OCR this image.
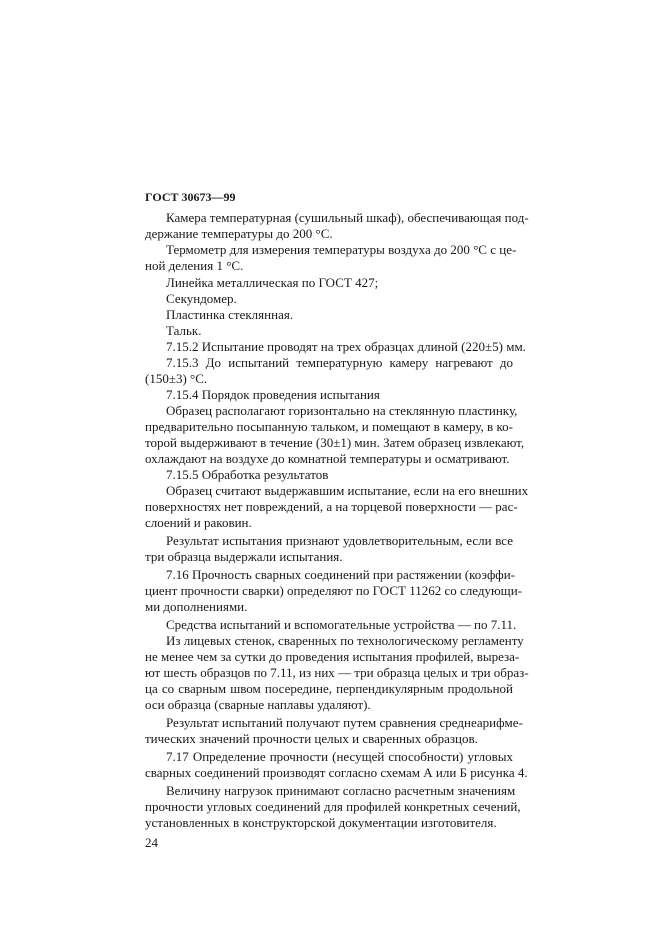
ГОСТ 30673—99
Камера температурная (сушильный шкаф), обеспечивающая под-
держание температуры до 200 °С.
Термометр для измерения температуры воздуха до 200 °С с це-
ной деления 1 °С.
Линейка металлическая по ГОСТ 427;
Секундомер.
Пластинка стеклянная.
Тальк.
7.15.2 Испытание проводят на трех образцах длиной (220±5) мм.
7.15.3 До испытаний температурную камеру нагревают до
(150±3) °С.
7.15.4 Порядок проведения испытания
Образец располагают горизонтально на стеклянную пластинку,
предварительно посыпанную тальком, и помещают в камеру, в ко-
торой выдерживают в течение (30±1) мин. Затем образец извлекают,
охлаждают на воздухе до комнатной температуры и осматривают.
7.15.5 Обработка результатов
Образец считают выдержавшим испытание, если на его внешних
поверхностях нет повреждений, а на торцевой поверхности — рас-
слоений и раковин.
Результат испытания признают удовлетворительным, если все
три образца выдержали испытания.
7.16 Прочность сварных соединений при растяжении (коэффи-
циент прочности сварки) определяют по ГОСТ 11262 со следующи-
ми дополнениями.
Средства испытаний и вспомогательные устройства — по 7.11.
Из лицевых стенок, сваренных по технологическому регламенту
не менее чем за сутки до проведения испытания профилей, выреза-
ют шесть образцов по 7.11, из них — три образца целых и три образ-
ца со сварным швом посередине, перпендикулярным продольной
оси образца (сварные наплавы удаляют).
Результат испытаний получают путем сравнения среднеарифме-
тических значений прочности целых и сваренных образцов.
7.17 Определение прочности (несущей способности) угловых
сварных соединений производят согласно схемам А или Б рисунка 4.
Величину нагрузок принимают согласно расчетным значениям
прочности угловых соединений для профилей конкретных сечений,
установленных в конструкторской документации изготовителя.
24
